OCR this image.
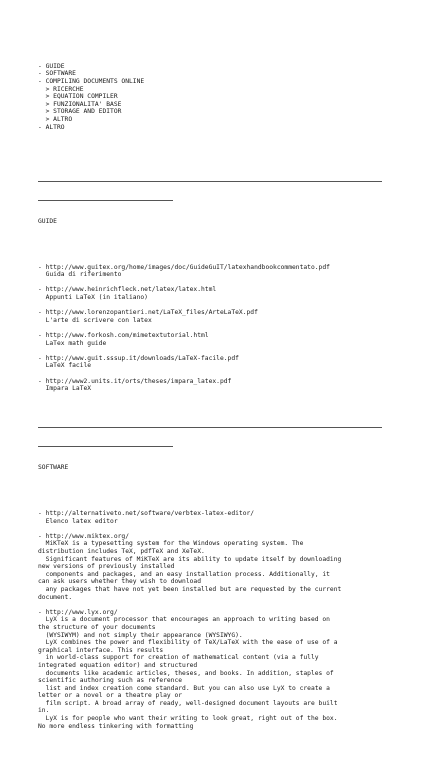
- GUIDE
- SOFTWARE
- COMPILING DOCUMENTS ONLINE
> RICERCHE
> EQUATION COMPILER
> FUNZIONALITA' BASE
> STORAGE AND EDITOR
> ALTRO
- ALTRO

GUIDE

- http://www.guitex.org/home/images/doc/GuideGuIT/latexhandbookcommentato.pdf
Guida di riferimento
- http://www.heinrichfleck.net/latex/latex.html
Appunti LaTeX (in italiano)
- http://www.lorenzopantieri.net/LaTeX_files/ArteLaTeX.pdf
L'arte di scrivere con latex
- http://www.forkosh.com/mimetextutorial.html
LaTex math guide
- http://www.guit.sssup.it/downloads/LaTeX-facile.pdf
LaTeX facile
- http://www2.units.it/orts/theses/impara_latex.pdf
Impara LaTeX

SOFTWARE

- http://alternativeto.net/software/verbtex-latex-editor/
Elenco latex editor
- http://www.miktex.org/
MiKTeX is a typesetting system for the Windows operating system. The
distribution includes TeX, pdfTeX and XeTeX.
Significant features of MiKTeX are its ability to update itself by downloading
new versions of previously installed
components and packages, and an easy installation process. Additionally, it
can ask users whether they wish to download
any packages that have not yet been installed but are requested by the current
document.
- http://www.lyx.org/
LyX is a document processor that encourages an approach to writing based on
the structure of your documents
(WYSIWYM) and not simply their appearance (WYSIWYG).
LyX combines the power and flexibility of TeX/LaTeX with the ease of use of a
graphical interface. This results
in world-class support for creation of mathematical content (via a fully
integrated equation editor) and structured
documents like academic articles, theses, and books. In addition, staples of
scientific authoring such as reference
list and index creation come standard. But you can also use LyX to create a
letter or a novel or a theatre play or
film script. A broad array of ready, well-designed document layouts are built
in.
LyX is for people who want their writing to look great, right out of the box.
No more endless tinkering with formatting
